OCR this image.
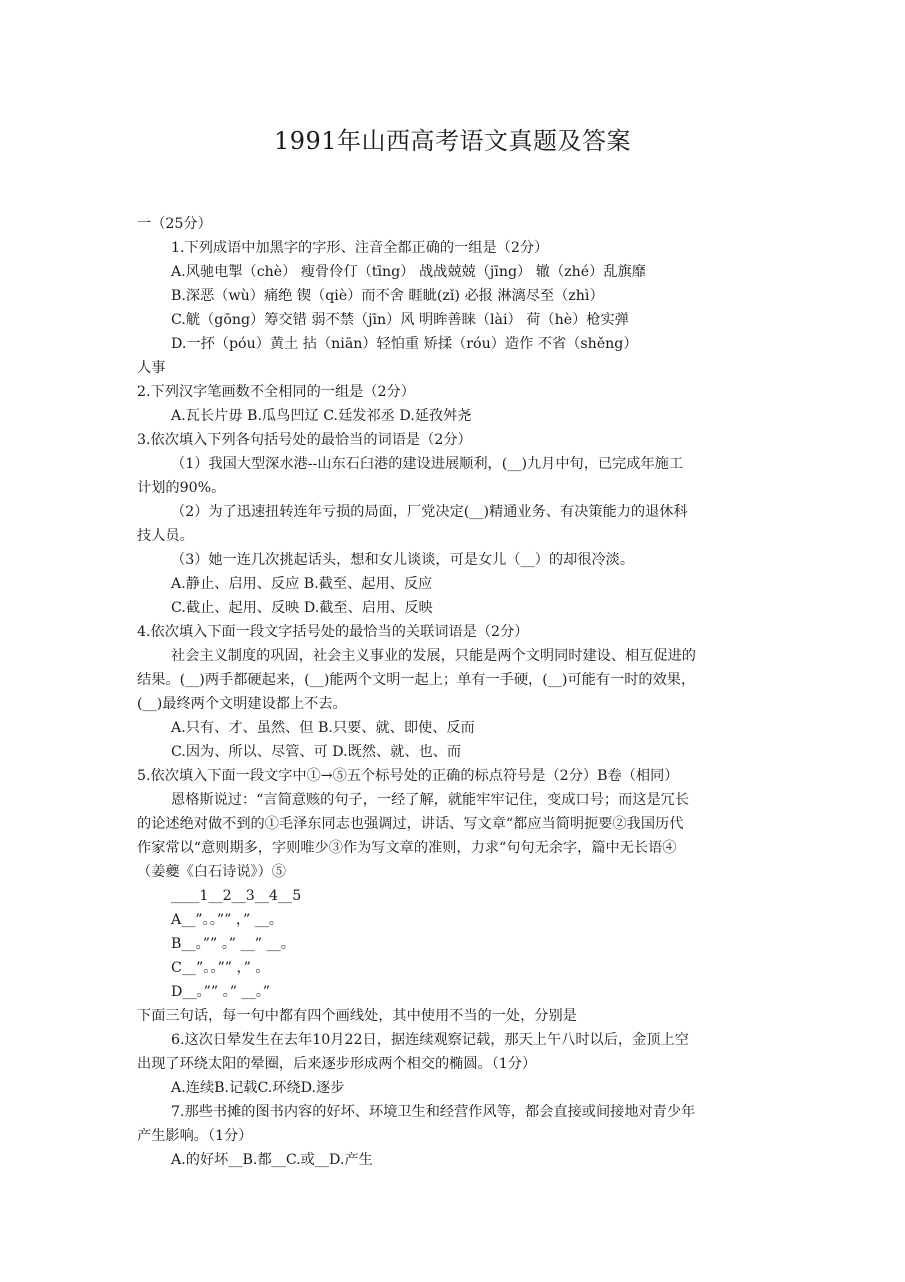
1991年山西高考语文真题及答案
一（25分）
1.下列成语中加黑字的字形、注音全都正确的一组是（2分）
A.风驰电掣（chè） 瘦骨伶仃（tīng） 战战兢兢（jīng） 辙（zhé）乱旗靡
B.深恶（wù）痛绝 锲（qiè）而不舍 睚眦(zǐ) 必报 淋漓尽至（zhì）
C.觥（gōng）筹交错 弱不禁（jīn）风 明眸善睐（lài） 荷（hè）枪实弹
D.一抔（póu）黄土 拈（niān）轻怕重 矫揉（róu）造作 不省（shěng）
人事
2.下列汉字笔画数不全相同的一组是（2分）
A.瓦长片毋 B.瓜鸟凹辽 C.廷发祁丞 D.延孜舛尧
3.依次填入下列各句括号处的最恰当的词语是（2分）
（1）我国大型深水港--山东石臼港的建设进展顺利，(__)九月中旬，已完成年施工
计划的90%。
（2）为了迅速扭转连年亏损的局面，厂党决定(__)精通业务、有决策能力的退休科
技人员。
（3）她一连几次挑起话头，想和女儿谈谈，可是女儿（__）的却很冷淡。
A.静止、启用、反应 B.截至、起用、反应
C.截止、起用、反映 D.截至、启用、反映
4.依次填入下面一段文字括号处的最恰当的关联词语是（2分）
社会主义制度的巩固，社会主义事业的发展，只能是两个文明同时建设、相互促进的
结果。(__)两手都硬起来，(__)能两个文明一起上；单有一手硬，(__)可能有一时的效果，
(__)最终两个文明建设都上不去。
A.只有、才、虽然、但 B.只要、就、即使、反而
C.因为、所以、尽管、可 D.既然、就、也、而
5.依次填入下面一段文字中①→⑤五个标号处的正确的标点符号是（2分）B卷（相同）
恩格斯说过：“言简意赅的句子，一经了解，就能牢牢记住，变成口号；而这是冗长
的论述绝对做不到的①毛泽东同志也强调过，讲话、写文章“都应当简明扼要②我国历代
作家常以“意则期多，字则唯少③作为写文章的准则，力求“句句无余字，篇中无长语④
（姜夔《白石诗说》）⑤
____1__2__3__4__5
A__”。。”” ，” __。
B__。”” 。” __” __。
C__”。。”” ，” 。
D__。”” 。” __。”
下面三句话，每一句中都有四个画线处，其中使用不当的一处，分别是
6.这次日晕发生在去年10月22日，据连续观察记载，那天上午八时以后，金顶上空
出现了环绕太阳的晕圈，后来逐步形成两个相交的椭圆。（1分）
A.连续B.记载C.环绕D.逐步
7.那些书摊的图书内容的好坏、环境卫生和经营作风等，都会直接或间接地对青少年
产生影响。（1分）
A.的好坏__B.都__C.或__D.产生
